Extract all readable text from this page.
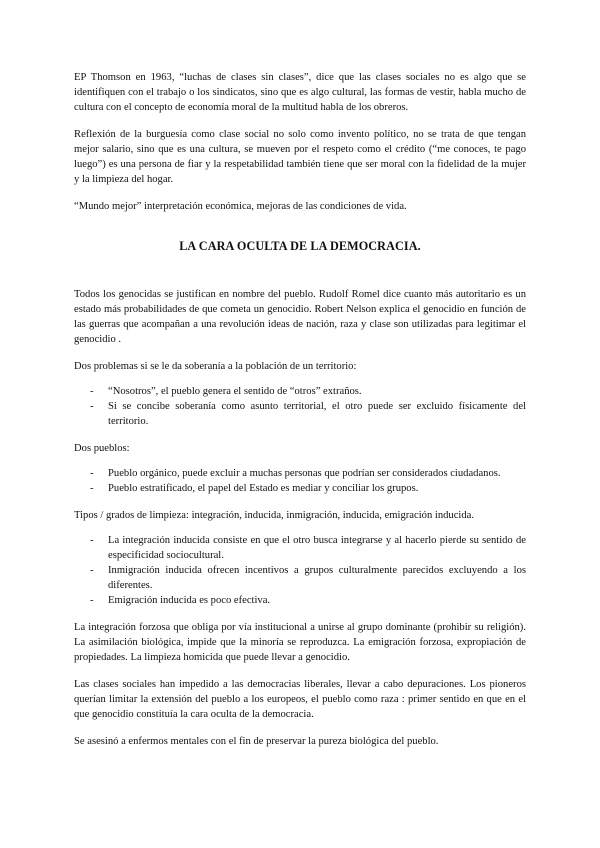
EP Thomson en 1963, “luchas de clases sin clases”, dice que las clases sociales no es algo que se identifiquen con el trabajo o los sindicatos, sino que es algo cultural, las formas de vestir, habla mucho de cultura con el concepto de economía moral de la multitud habla de los obreros.

Reflexión de la burguesía como clase social no solo como invento político, no se trata de que tengan mejor salario, sino que es una cultura, se mueven por el respeto como el crédito (“me conoces, te pago luego”) es una persona de fiar y la respetabilidad también tiene que ser moral con la fidelidad de la mujer y la limpieza del hogar.

“Mundo mejor” interpretación económica, mejoras de las condiciones de vida.

LA CARA OCULTA DE LA DEMOCRACIA.

Todos los genocidas se justifican en nombre del pueblo. Rudolf Romel dice cuanto más autoritario es un estado más probabilidades de que cometa un genocidio. Robert Nelson explica el genocidio en función de las guerras que acompañan a una revolución ideas de nación, raza y clase son utilizadas para legitimar el genocidio .

Dos problemas si se le da soberanía a la población de un territorio:

- “Nosotros”, el pueblo genera el sentido de “otros” extraños.
- Si se concibe soberanía como asunto territorial, el otro puede ser excluido físicamente del territorio.

Dos pueblos:

- Pueblo orgánico, puede excluir a muchas personas que podrían ser considerados ciudadanos.
- Pueblo estratificado, el papel del Estado es mediar y conciliar los grupos.

Tipos / grados de limpieza: integración, inducida, inmigración, inducida, emigración inducida.

- La integración inducida consiste en que el otro busca integrarse y al hacerlo pierde su sentido de especificidad sociocultural.
- Inmigración inducida ofrecen incentivos a grupos culturalmente parecidos excluyendo a los diferentes.
- Emigración inducida es poco efectiva.

La integración forzosa que obliga por vía institucional a unirse al grupo dominante (prohibir su religión). La asimilación biológica, impide que la minoría se reproduzca. La emigración forzosa, expropiación de propiedades. La limpieza homicida que puede llevar a genocidio.

Las clases sociales han impedido a las democracias liberales, llevar a cabo depuraciones. Los pioneros querían limitar la extensión del pueblo a los europeos, el pueblo como raza : primer sentido en que en el que genocidio constituía la cara oculta de la democracia.

Se asesinó a enfermos mentales con el fin de preservar la pureza biológica del pueblo.
